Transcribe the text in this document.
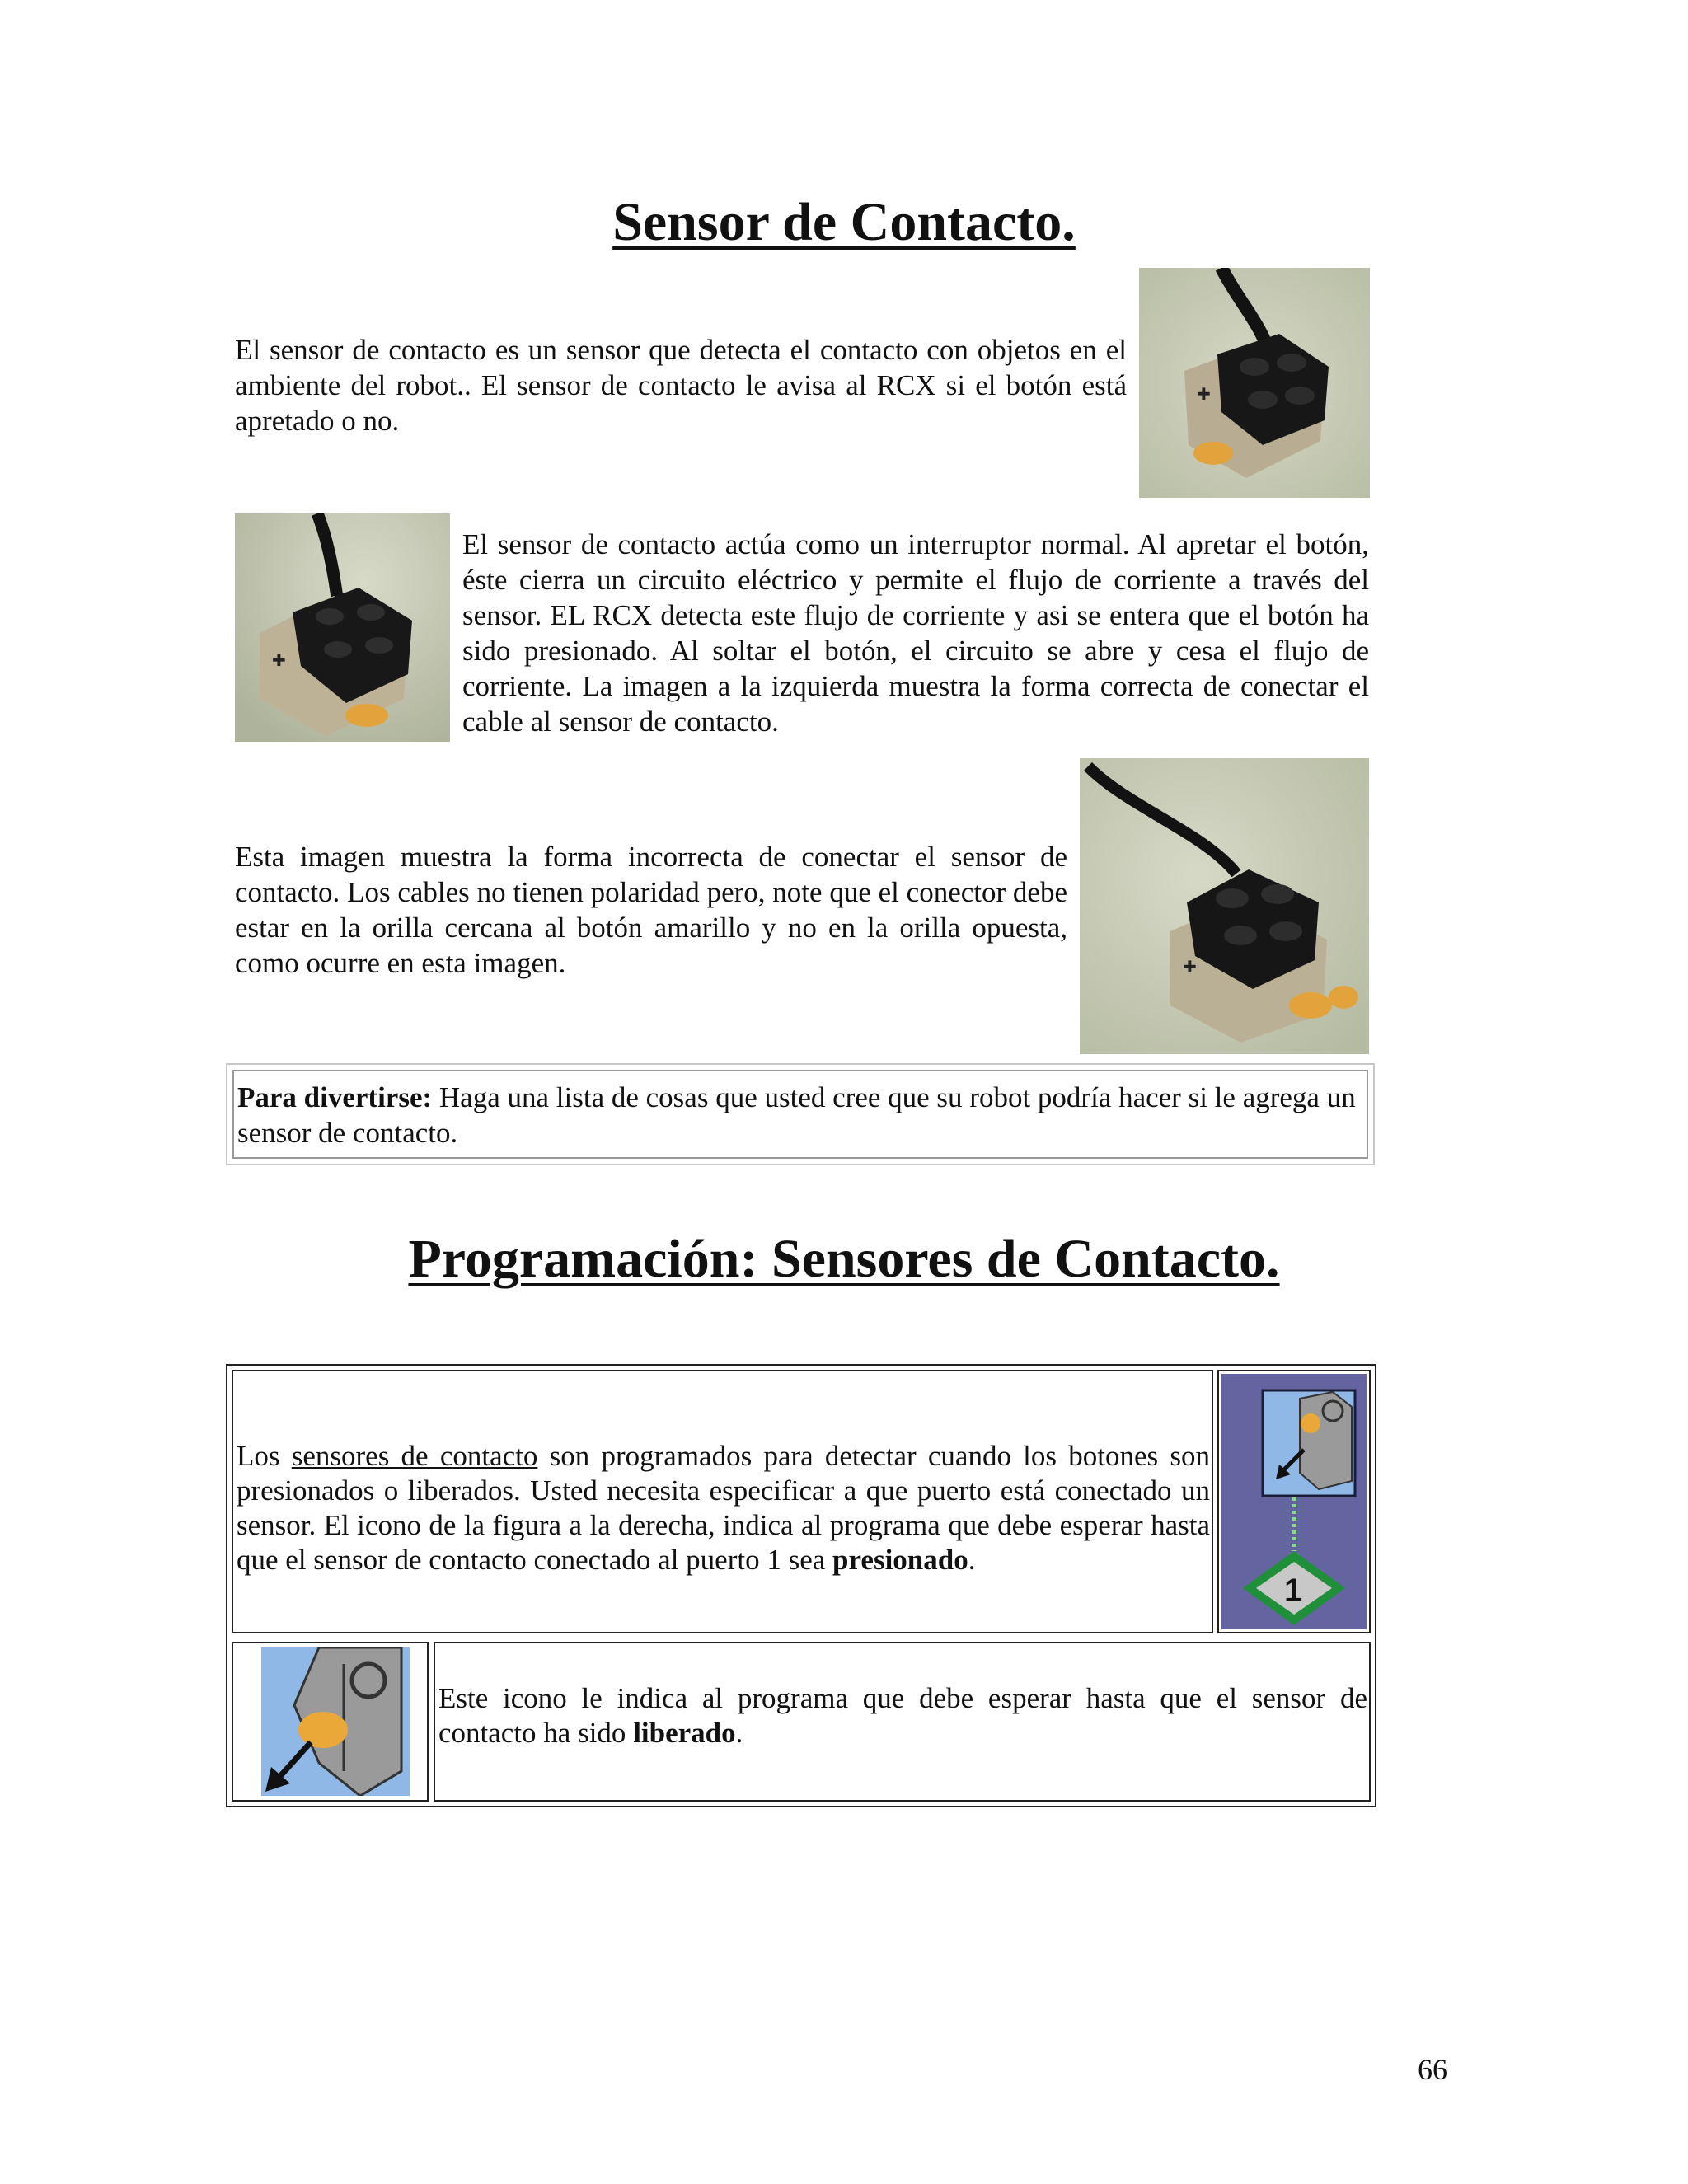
Sensor de Contacto.
El sensor de contacto es un sensor que detecta el contacto con objetos en el ambiente del robot.. El sensor de contacto le avisa al RCX si el botón está apretado o no.
✚
✚
El sensor de contacto actúa como un interruptor normal. Al apretar el botón, éste cierra un circuito eléctrico y permite el flujo de corriente a través del sensor. EL RCX detecta este flujo de corriente y asi se entera que el botón ha sido presionado. Al soltar el botón, el circuito se abre y cesa el flujo de corriente. La imagen a la izquierda muestra la forma correcta de conectar el cable al sensor de contacto.
✚
Esta imagen muestra la forma incorrecta de conectar el sensor de contacto. Los cables no tienen polaridad pero, note que el conector debe estar en la orilla cercana al botón amarillo y no en la orilla opuesta, como ocurre en esta imagen.
Para divertirse: Haga una lista de cosas que usted cree que su robot podría hacer si le agrega un sensor de contacto.
Programación: Sensores de Contacto.
Los sensores de contacto son programados para detectar cuando los botones son presionados o liberados. Usted necesita especificar a que puerto está conectado un sensor. El icono de la figura a la derecha, indica al programa que debe esperar hasta que el sensor de contacto conectado al puerto 1 sea presionado.
1
Este icono le indica al programa que debe esperar hasta que el sensor de contacto ha sido liberado.
66
